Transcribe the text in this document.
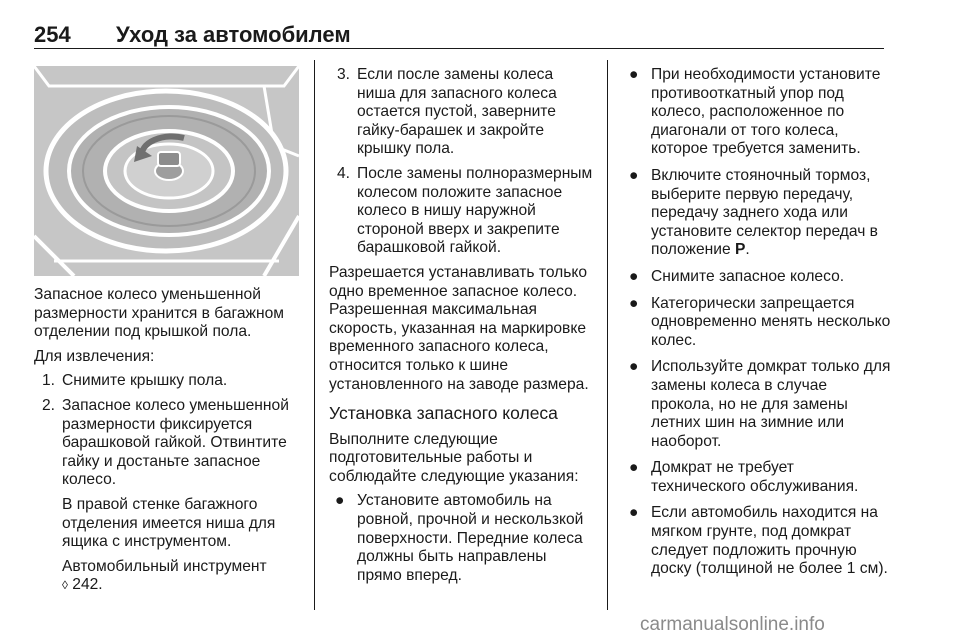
254 Уход за автомобилем

Запасное колесо уменьшенной размерности хранится в багажном отделении под крышкой пола.

Для извлечения:

1. Снимите крышку пола.
2. Запасное колесо уменьшенной размерности фиксируется барашковой гайкой. Отвинтите гайку и достаньте запасное колесо.
В правой стенке багажного отделения имеется ниша для ящика с инструментом.
Автомобильный инструмент
◊ 242.
3. Если после замены колеса ниша для запасного колеса остается пустой, заверните гайку-барашек и закройте крышку пола.
4. После замены полноразмерным колесом положите запасное колесо в нишу наружной стороной вверх и закрепите барашковой гайкой.

Разрешается устанавливать только одно временное запасное колесо. Разрешенная максимальная скорость, указанная на маркировке временного запасного колеса, относится только к шине установленного на заводе размера.

Установка запасного колеса

Выполните следующие подготовительные работы и соблюдайте следующие указания:

● Установите автомобиль на ровной, прочной и нескользкой поверхности. Передние колеса должны быть направлены прямо вперед.
● При необходимости установите противооткатный упор под колесо, расположенное по диагонали от того колеса, которое требуется заменить.
● Включите стояночный тормоз, выберите первую передачу, передачу заднего хода или установите селектор передач в положение P.
● Снимите запасное колесо.
● Категорически запрещается одновременно менять несколько колес.
● Используйте домкрат только для замены колеса в случае прокола, но не для замены летних шин на зимние или наоборот.
● Домкрат не требует технического обслуживания.
● Если автомобиль находится на мягком грунте, под домкрат следует подложить прочную доску (толщиной не более 1 см).
carmanualsonline.info
